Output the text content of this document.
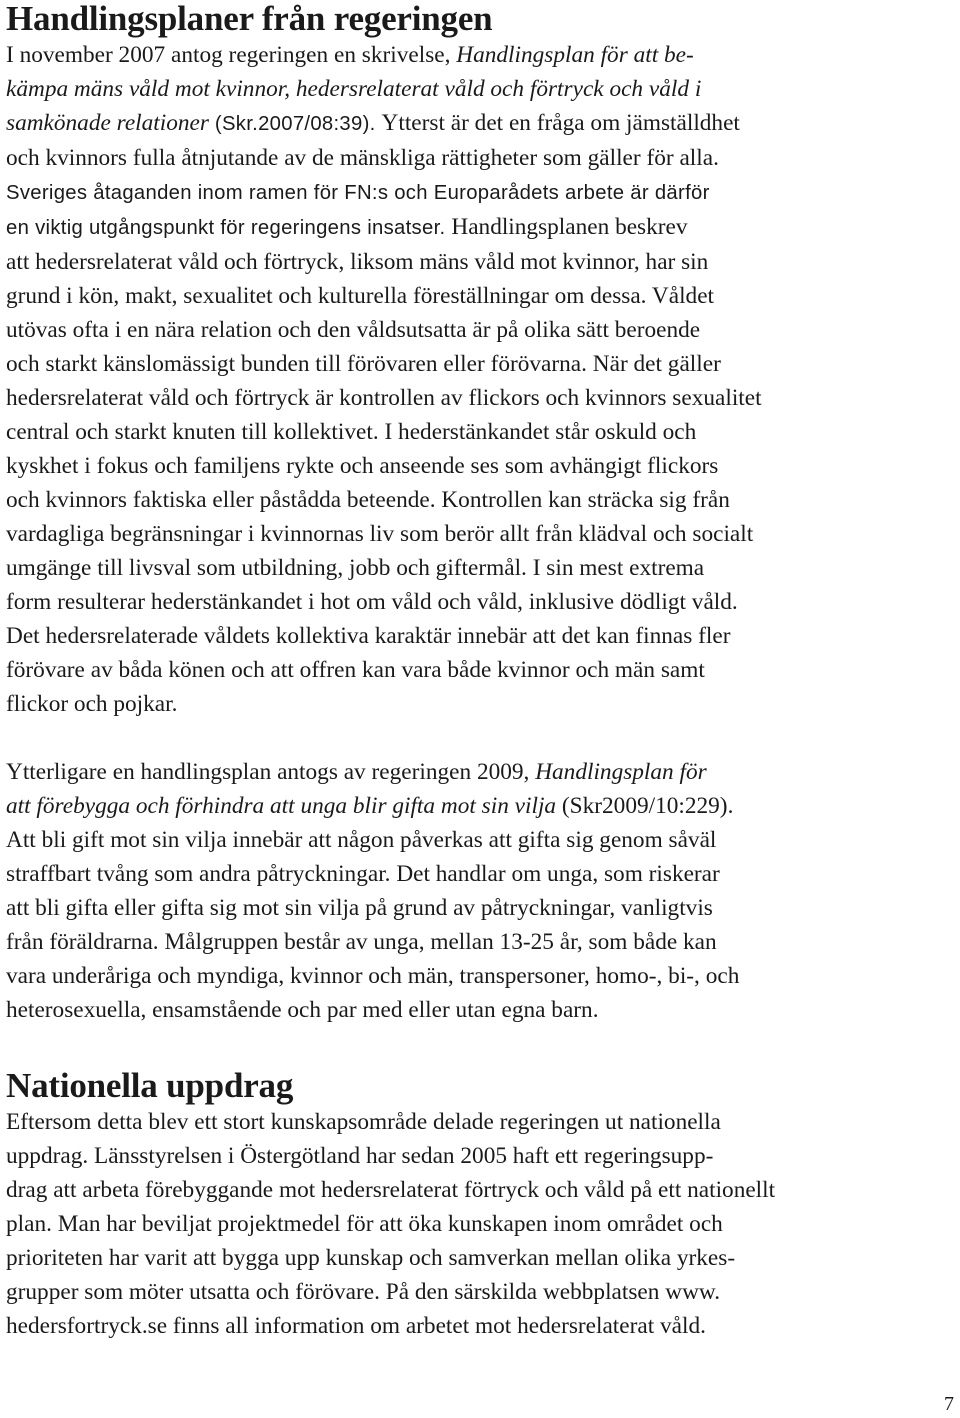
Handlingsplaner från regeringen
I november 2007 antog regeringen en skrivelse, Handlingsplan för att be-
kämpa mäns våld mot kvinnor, hedersrelaterat våld och förtryck och våld i
samkönade relationer (Skr.2007/08:39). Ytterst är det en fråga om jämställdhet
och kvinnors fulla åtnjutande av de mänskliga rättigheter som gäller för alla.
Sveriges åtaganden inom ramen för FN:s och Europarådets arbete är därför
en viktig utgångspunkt för regeringens insatser. Handlingsplanen beskrev
att hedersrelaterat våld och förtryck, liksom mäns våld mot kvinnor, har sin
grund i kön, makt, sexualitet och kulturella föreställningar om dessa. Våldet
utövas ofta i en nära relation och den våldsutsatta är på olika sätt beroende
och starkt känslomässigt bunden till förövaren eller förövarna. När det gäller
hedersrelaterat våld och förtryck är kontrollen av flickors och kvinnors sexualitet
central och starkt knuten till kollektivet. I hederstänkandet står oskuld och
kyskhet i fokus och familjens rykte och anseende ses som avhängigt flickors
och kvinnors faktiska eller påstådda beteende. Kontrollen kan sträcka sig från
vardagliga begränsningar i kvinnornas liv som berör allt från klädval och socialt
umgänge till livsval som utbildning, jobb och giftermål. I sin mest extrema
form resulterar hederstänkandet i hot om våld och våld, inklusive dödligt våld.
Det hedersrelaterade våldets kollektiva karaktär innebär att det kan finnas fler
förövare av båda könen och att offren kan vara både kvinnor och män samt
flickor och pojkar.
Ytterligare en handlingsplan antogs av regeringen 2009, Handlingsplan för
att förebygga och förhindra att unga blir gifta mot sin vilja (Skr2009/10:229).
Att bli gift mot sin vilja innebär att någon påverkas att gifta sig genom såväl
straffbart tvång som andra påtryckningar. Det handlar om unga, som riskerar
att bli gifta eller gifta sig mot sin vilja på grund av påtryckningar, vanligtvis
från föräldrarna. Målgruppen består av unga, mellan 13-25 år, som både kan
vara underåriga och myndiga, kvinnor och män, transpersoner, homo-, bi-, och
heterosexuella, ensamstående och par med eller utan egna barn.
Nationella uppdrag
Eftersom detta blev ett stort kunskapsområde delade regeringen ut nationella
uppdrag. Länsstyrelsen i Östergötland har sedan 2005 haft ett regeringsupp-
drag att arbeta förebyggande mot hedersrelaterat förtryck och våld på ett nationellt
plan. Man har beviljat projektmedel för att öka kunskapen inom området och
prioriteten har varit att bygga upp kunskap och samverkan mellan olika yrkes-
grupper som möter utsatta och förövare. På den särskilda webbplatsen www.
hedersfortryck.se finns all information om arbetet mot hedersrelaterat våld.
7
